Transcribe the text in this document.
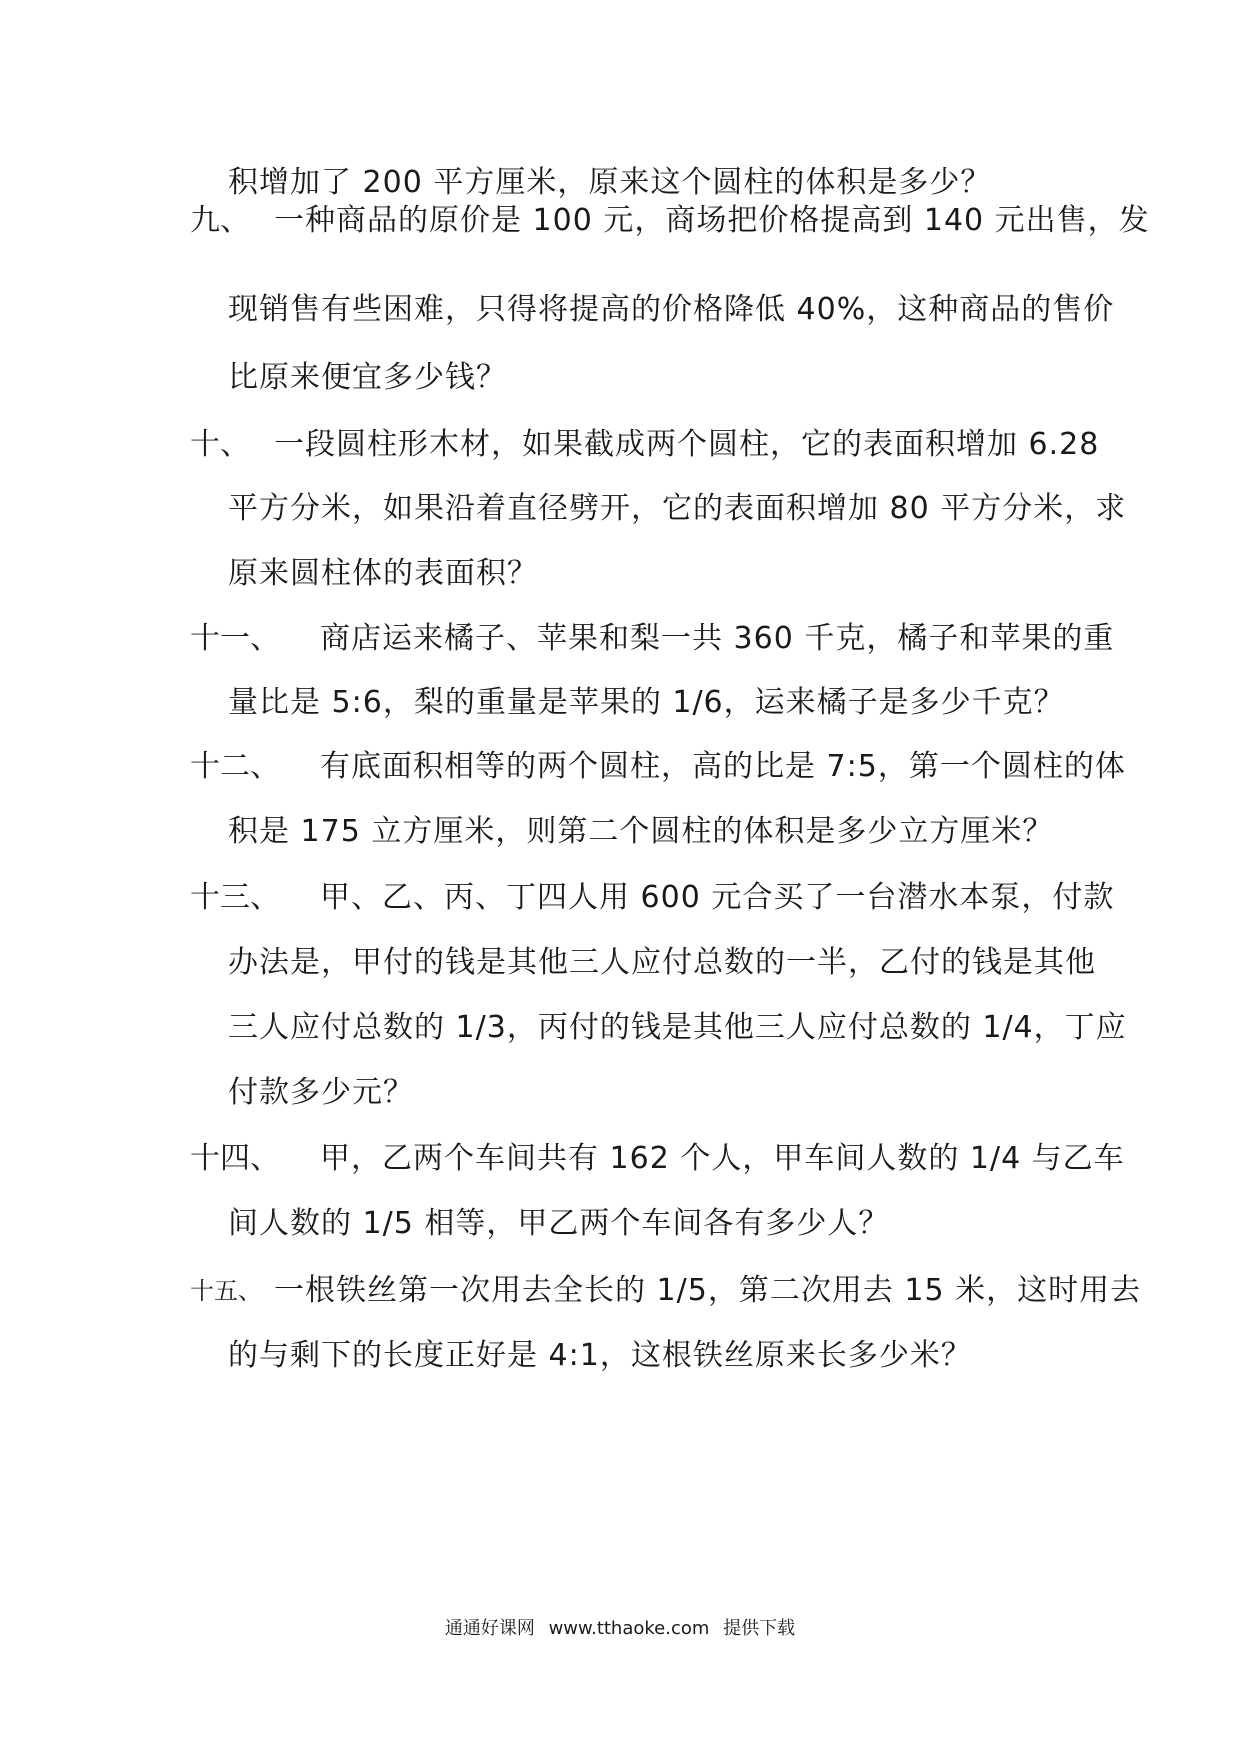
积增加了 200 平方厘米，原来这个圆柱的体积是多少？
九、 一种商品的原价是 100 元，商场把价格提高到 140 元出售，发
现销售有些困难，只得将提高的价格降低 40%，这种商品的售价
比原来便宜多少钱？
十、 一段圆柱形木材，如果截成两个圆柱，它的表面积增加 6.28
平方分米，如果沿着直径劈开，它的表面积增加 80 平方分米，求
原来圆柱体的表面积？
十一、 商店运来橘子、苹果和梨一共 360 千克，橘子和苹果的重
量比是 5:6，梨的重量是苹果的 1/6，运来橘子是多少千克？
十二、 有底面积相等的两个圆柱，高的比是 7:5，第一个圆柱的体
积是 175 立方厘米，则第二个圆柱的体积是多少立方厘米？
十三、 甲、乙、丙、丁四人用 600 元合买了一台潜水本泵，付款
办法是，甲付的钱是其他三人应付总数的一半，乙付的钱是其他
三人应付总数的 1/3，丙付的钱是其他三人应付总数的 1/4，丁应
付款多少元？
十四、 甲，乙两个车间共有 162 个人，甲车间人数的 1/4 与乙车
间人数的 1/5 相等，甲乙两个车间各有多少人？
十五、 一根铁丝第一次用去全长的 1/5，第二次用去 15 米，这时用去
的与剩下的长度正好是 4:1，这根铁丝原来长多少米？
通通好课网 www.tthaoke.com 提供下载
